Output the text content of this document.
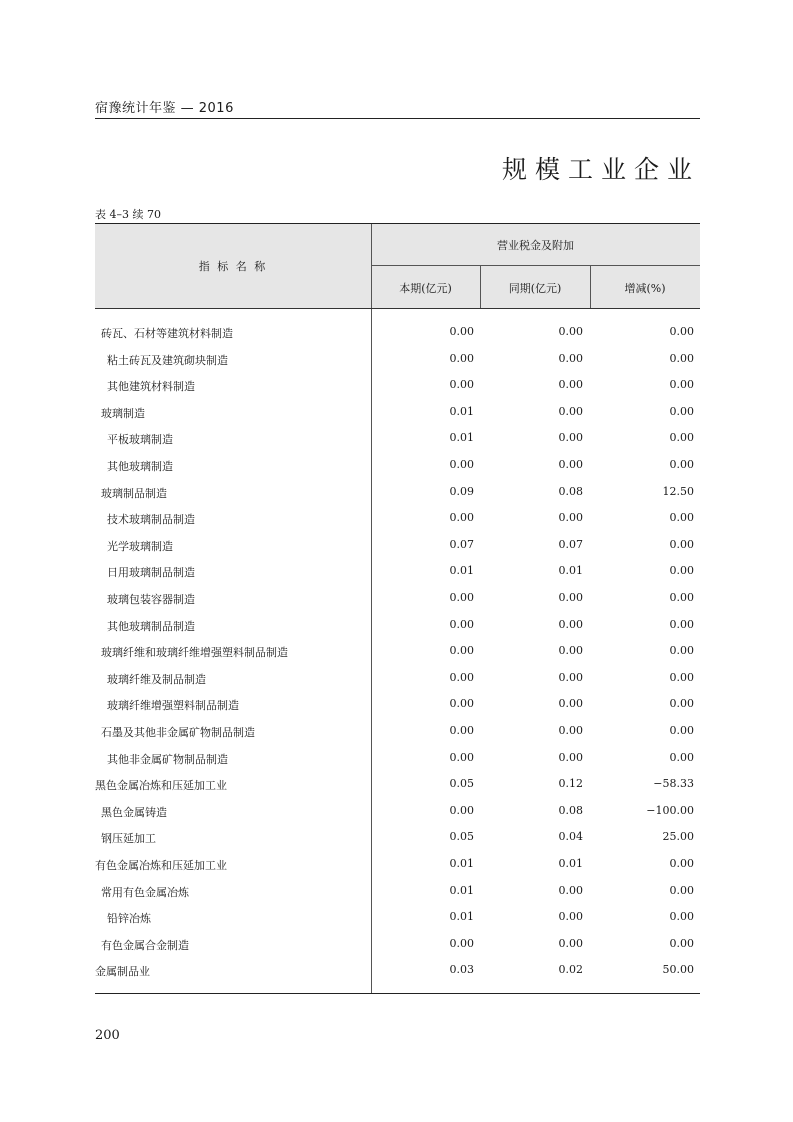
宿豫统计年鉴 — 2016
规模工业企业
表 4–3 续 70
指 标 名 称
营业税金及附加
本期(亿元)	同期(亿元)	增减(%)
砖瓦、石材等建筑材料制造	0.00	0.00	0.00
粘土砖瓦及建筑砌块制造	0.00	0.00	0.00
其他建筑材料制造	0.00	0.00	0.00
玻璃制造	0.01	0.00	0.00
平板玻璃制造	0.01	0.00	0.00
其他玻璃制造	0.00	0.00	0.00
玻璃制品制造	0.09	0.08	12.50
技术玻璃制品制造	0.00	0.00	0.00
光学玻璃制造	0.07	0.07	0.00
日用玻璃制品制造	0.01	0.01	0.00
玻璃包装容器制造	0.00	0.00	0.00
其他玻璃制品制造	0.00	0.00	0.00
玻璃纤维和玻璃纤维增强塑料制品制造	0.00	0.00	0.00
玻璃纤维及制品制造	0.00	0.00	0.00
玻璃纤维增强塑料制品制造	0.00	0.00	0.00
石墨及其他非金属矿物制品制造	0.00	0.00	0.00
其他非金属矿物制品制造	0.00	0.00	0.00
黑色金属冶炼和压延加工业	0.05	0.12	−58.33
黑色金属铸造	0.00	0.08	−100.00
钢压延加工	0.05	0.04	25.00
有色金属冶炼和压延加工业	0.01	0.01	0.00
常用有色金属冶炼	0.01	0.00	0.00
铅锌冶炼	0.01	0.00	0.00
有色金属合金制造	0.00	0.00	0.00
金属制品业	0.03	0.02	50.00
200
